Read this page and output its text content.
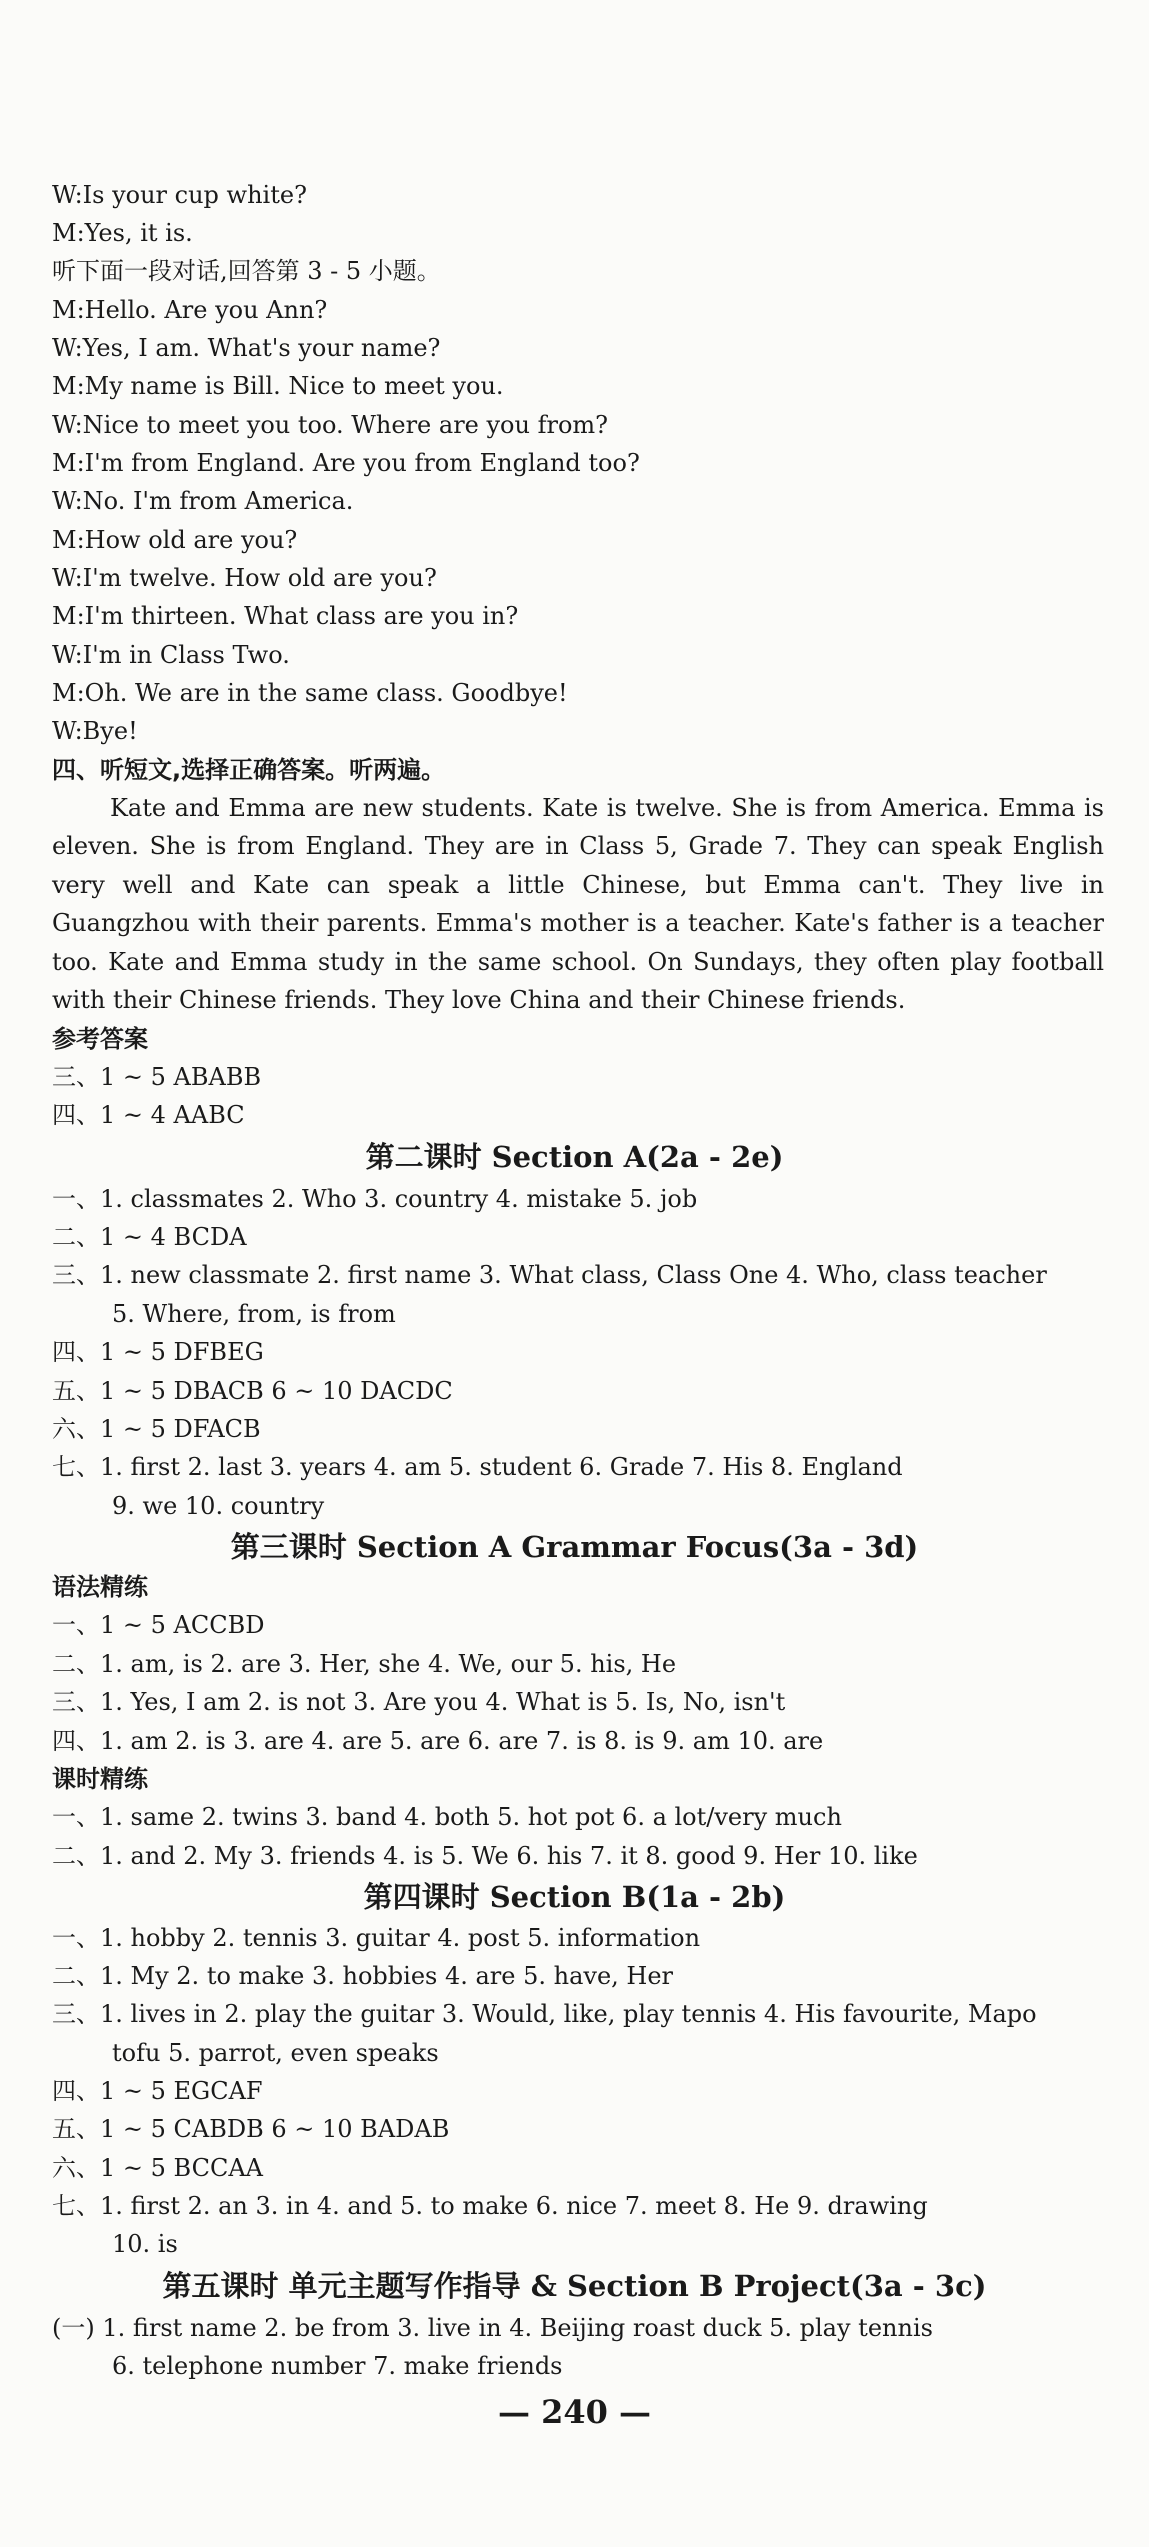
W:Is your cup white?
M:Yes, it is.
听下面一段对话,回答第 3 - 5 小题。
M:Hello. Are you Ann?
W:Yes, I am. What's your name?
M:My name is Bill. Nice to meet you.
W:Nice to meet you too. Where are you from?
M:I'm from England. Are you from England too?
W:No. I'm from America.
M:How old are you?
W:I'm twelve. How old are you?
M:I'm thirteen. What class are you in?
W:I'm in Class Two.
M:Oh. We are in the same class. Goodbye!
W:Bye!
四、听短文,选择正确答案。听两遍。
Kate and Emma are new students. Kate is twelve. She is from America. Emma is eleven. She is from England. They are in Class 5, Grade 7. They can speak English very well and Kate can speak a little Chinese, but Emma can't. They live in Guangzhou with their parents. Emma's mother is a teacher. Kate's father is a teacher too. Kate and Emma study in the same school. On Sundays, they often play football with their Chinese friends. They love China and their Chinese friends.
参考答案
三、1 ~ 5 ABABB
四、1 ~ 4 AABC
第二课时 Section A(2a - 2e)
一、1. classmates 2. Who 3. country 4. mistake 5. job
二、1 ~ 4 BCDA
三、1. new classmate 2. first name 3. What class, Class One 4. Who, class teacher
5. Where, from, is from
四、1 ~ 5 DFBEG
五、1 ~ 5 DBACB 6 ~ 10 DACDC
六、1 ~ 5 DFACB
七、1. first 2. last 3. years 4. am 5. student 6. Grade 7. His 8. England
9. we 10. country
第三课时 Section A Grammar Focus(3a - 3d)
语法精练
一、1 ~ 5 ACCBD
二、1. am, is 2. are 3. Her, she 4. We, our 5. his, He
三、1. Yes, I am 2. is not 3. Are you 4. What is 5. Is, No, isn't
四、1. am 2. is 3. are 4. are 5. are 6. are 7. is 8. is 9. am 10. are
课时精练
一、1. same 2. twins 3. band 4. both 5. hot pot 6. a lot/very much
二、1. and 2. My 3. friends 4. is 5. We 6. his 7. it 8. good 9. Her 10. like
第四课时 Section B(1a - 2b)
一、1. hobby 2. tennis 3. guitar 4. post 5. information
二、1. My 2. to make 3. hobbies 4. are 5. have, Her
三、1. lives in 2. play the guitar 3. Would, like, play tennis 4. His favourite, Mapo
tofu 5. parrot, even speaks
四、1 ~ 5 EGCAF
五、1 ~ 5 CABDB 6 ~ 10 BADAB
六、1 ~ 5 BCCAA
七、1. first 2. an 3. in 4. and 5. to make 6. nice 7. meet 8. He 9. drawing
10. is
第五课时 单元主题写作指导 & Section B Project(3a - 3c)
(一) 1. first name 2. be from 3. live in 4. Beijing roast duck 5. play tennis
6. telephone number 7. make friends
— 240 —
